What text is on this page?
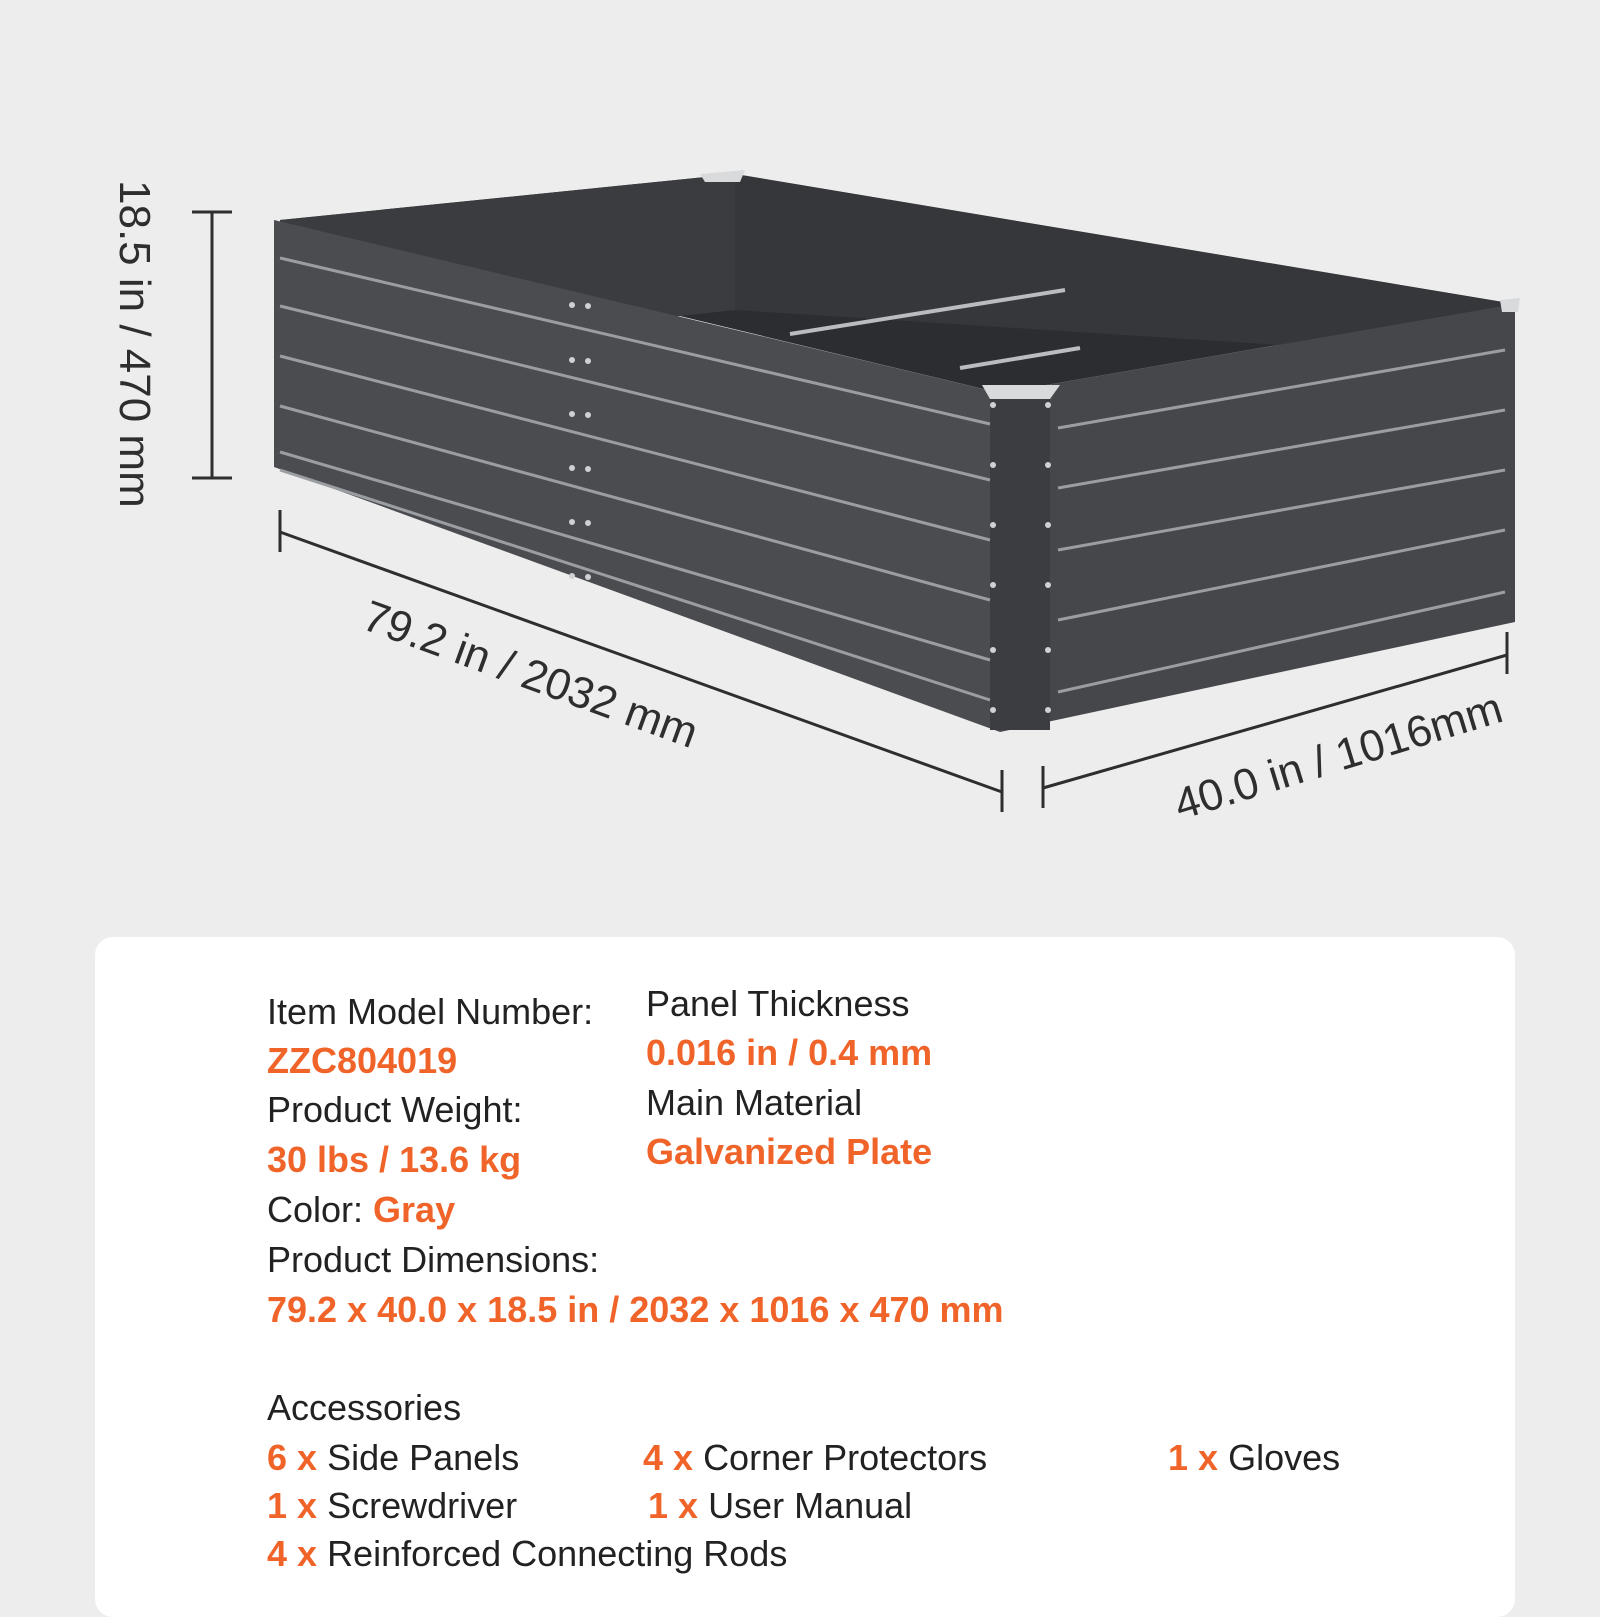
18.5 in / 470 mm
79.2 in / 2032 mm	40.0 in / 1016mm
Item Model Number:
ZZC804019
Product Weight:
30 lbs / 13.6 kg
Color: Gray
Product Dimensions:
79.2 x 40.0 x 18.5 in / 2032 x 1016 x 470 mm
Panel Thickness
0.016 in / 0.4 mm
Main Material
Galvanized Plate
Accessories
6 x Side Panels	4 x Corner Protectors	1 x Gloves
1 x Screwdriver	1 x User Manual
4 x Reinforced Connecting Rods
